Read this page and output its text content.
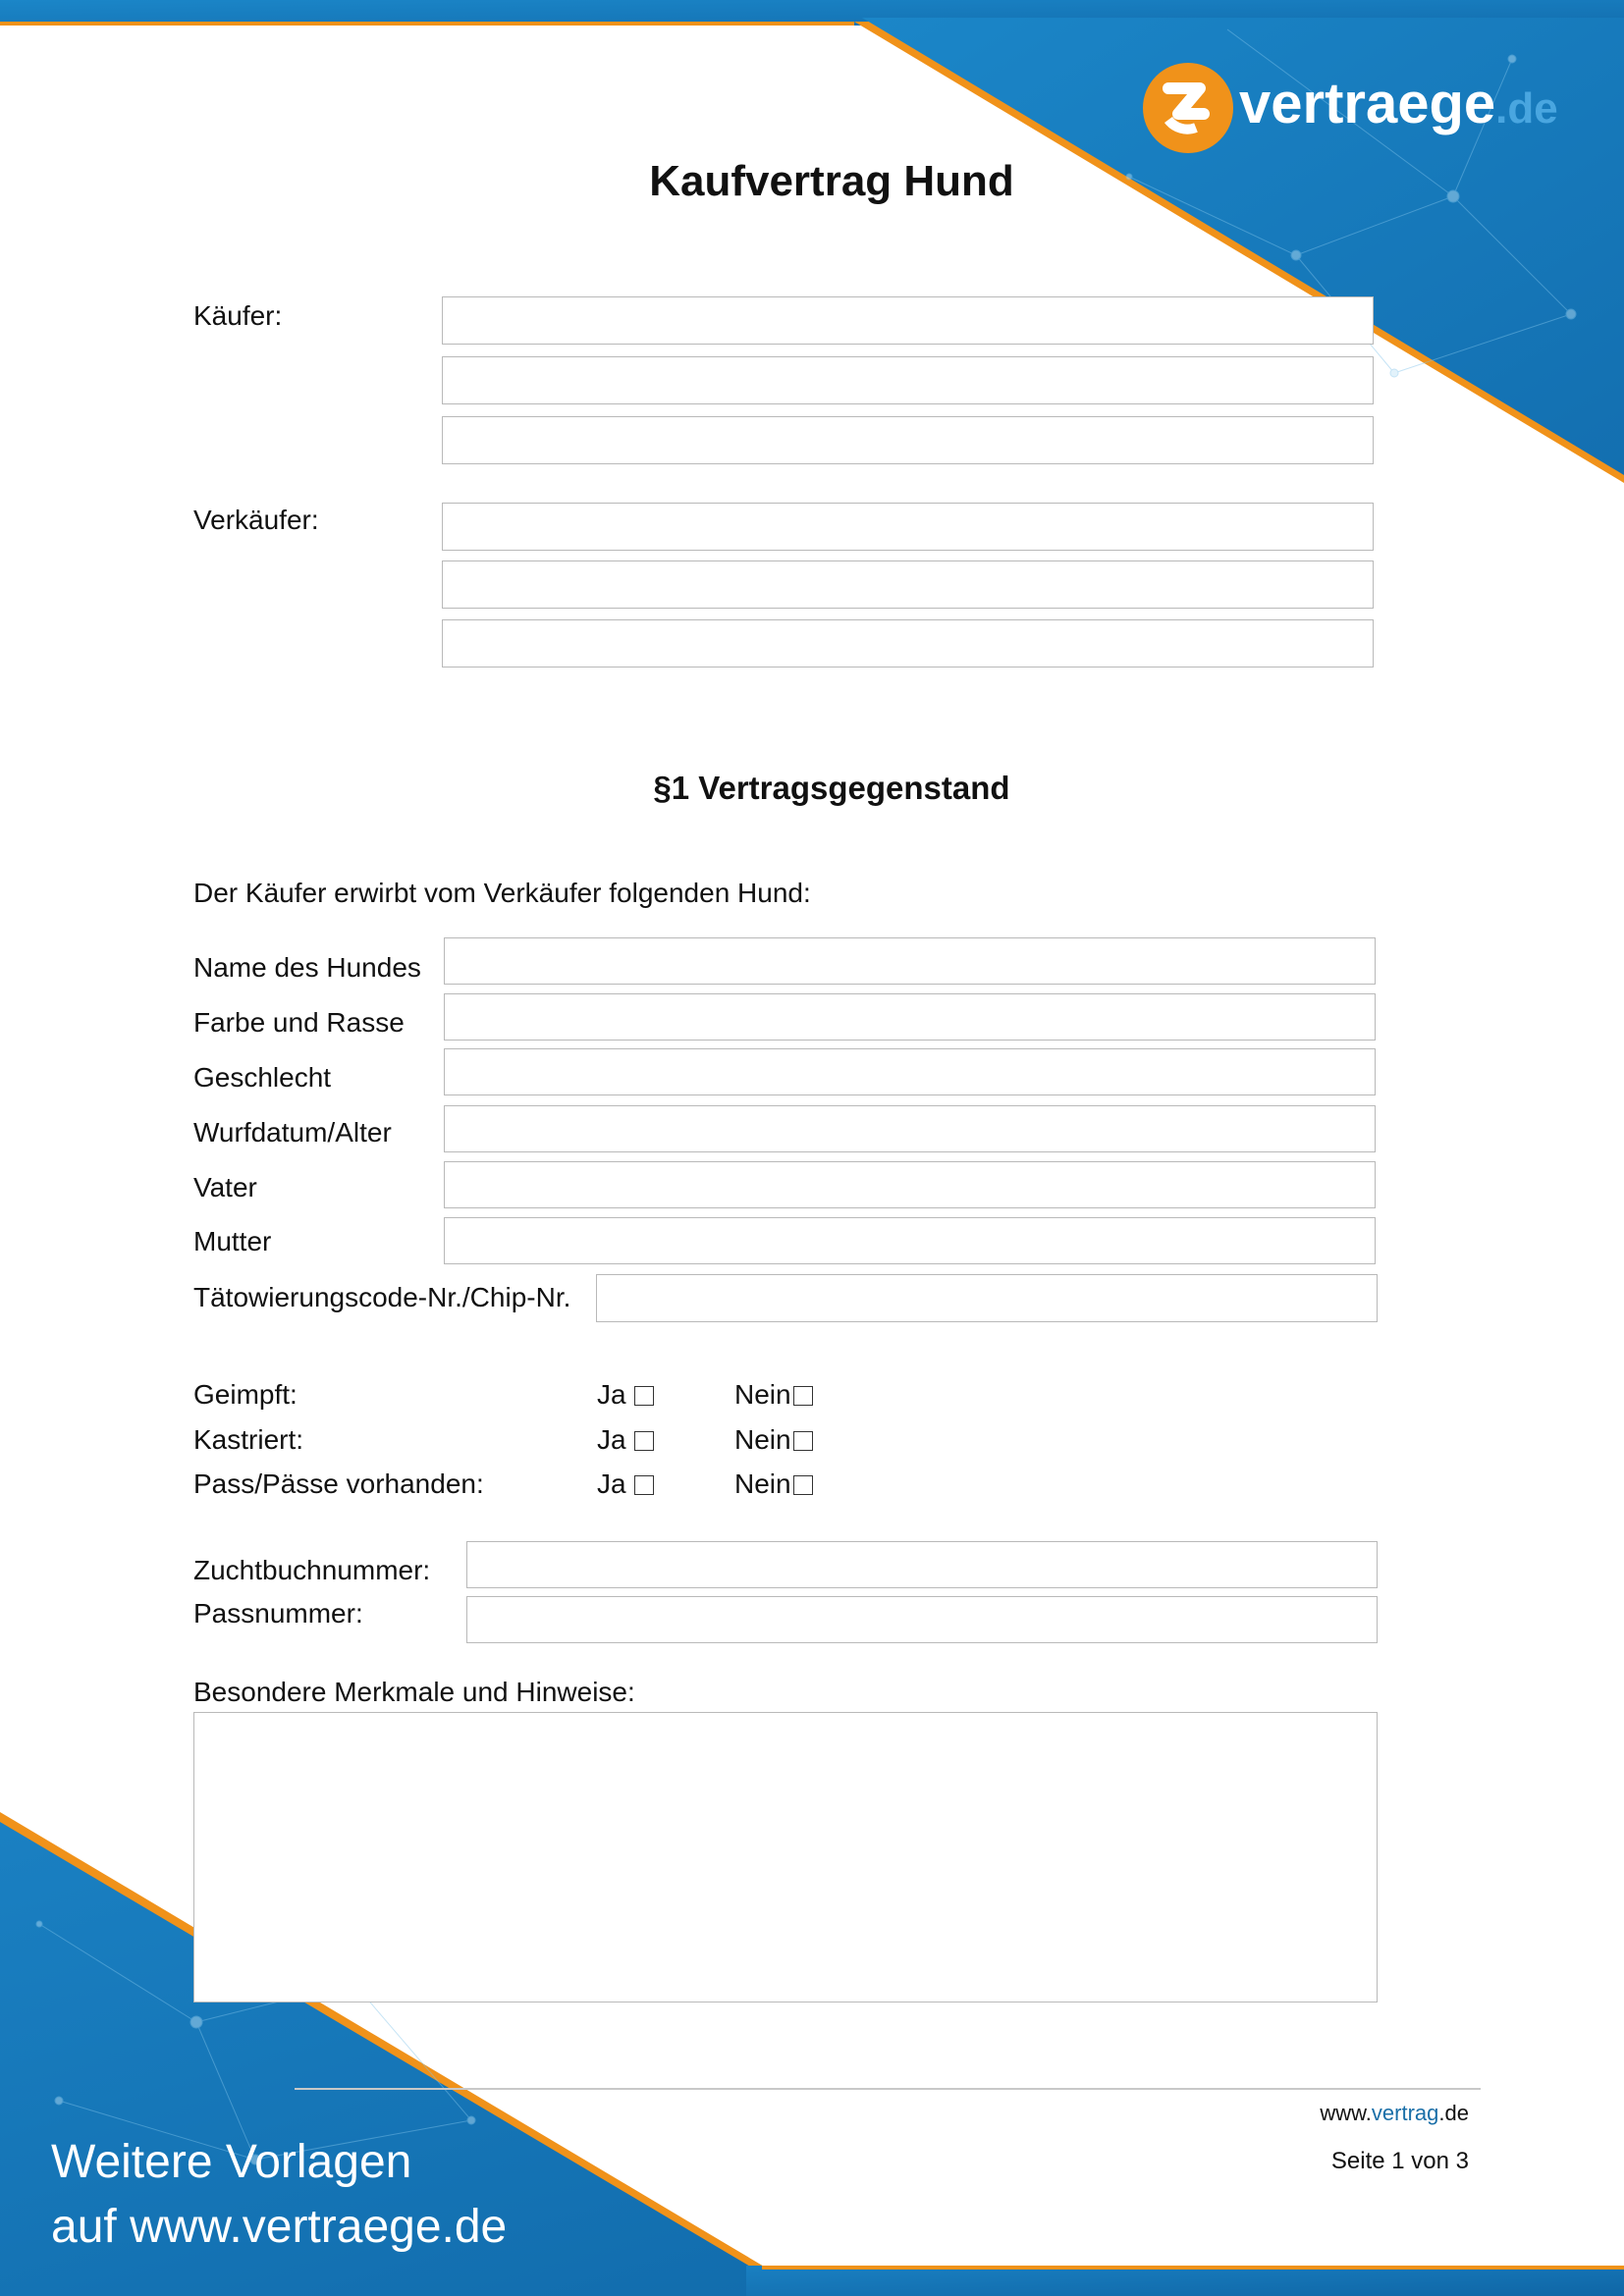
vertraege.de
Kaufvertrag Hund
Käufer:
Verkäufer:
§1 Vertragsgegenstand
Der Käufer erwirbt vom Verkäufer folgenden Hund:
Name des Hundes
Farbe und Rasse
Geschlecht
Wurfdatum/Alter
Vater
Mutter
Tätowierungscode-Nr./Chip-Nr.
Geimpft:	Ja	Nein
Kastriert:	Ja	Nein
Pass/Pässe vorhanden:	Ja	Nein
Zuchtbuchnummer:
Passnummer:
Besondere Merkmale und Hinweise:
www.vertrag.de
Seite 1 von 3
Weitere Vorlagen
auf www.vertraege.de
